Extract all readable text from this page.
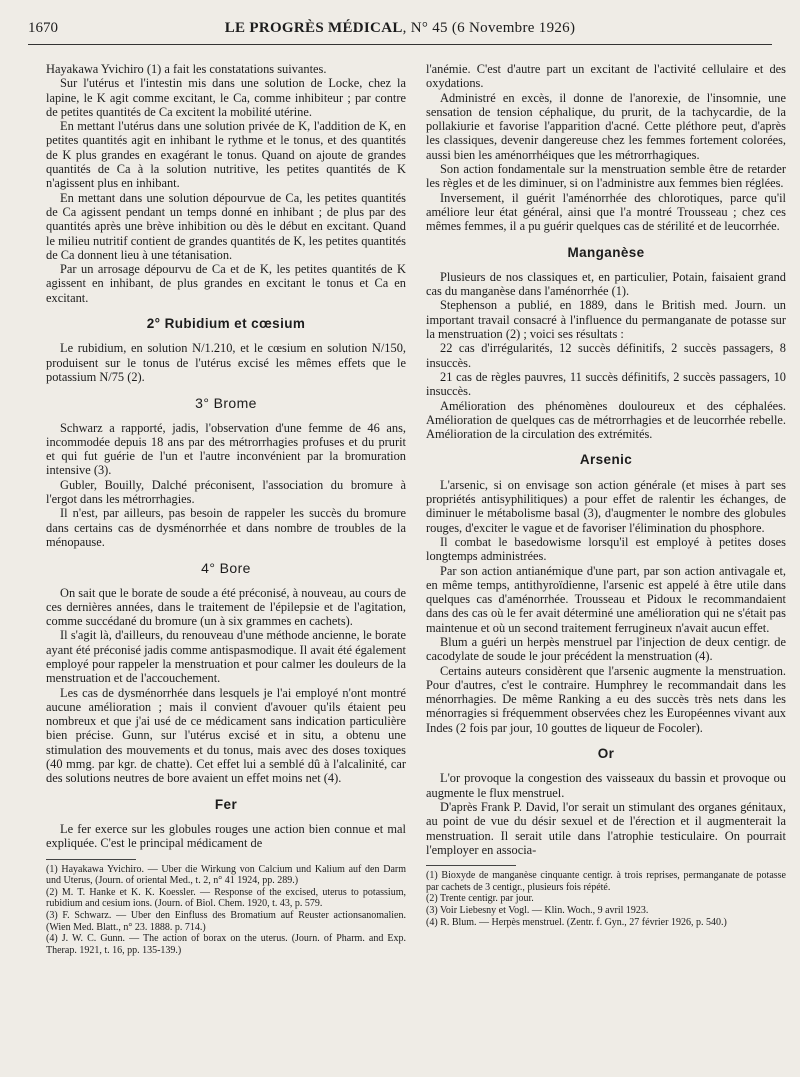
1670	LE PROGRÈS MÉDICAL, N° 45 (6 Novembre 1926)

Hayakawa Yvichiro (1) a fait les constatations suivantes.

Sur l'utérus et l'intestin mis dans une solution de Locke, chez la lapine, le K agit comme excitant, le Ca, comme inhibiteur ; par contre de petites quantités de Ca excitent la mobilité utérine.

En mettant l'utérus dans une solution privée de K, l'addition de K, en petites quantités agit en inhibant le rythme et le tonus, et des quantités de K plus grandes en exagérant le tonus. Quand on ajoute de grandes quantités de Ca à la solution nutritive, les petites quantités de K n'agissent plus en inhibant.

En mettant dans une solution dépourvue de Ca, les petites quantités de Ca agissent pendant un temps donné en inhibant ; de plus par des quantités après une brève inhibition ou dès le début en excitant. Quand le milieu nutritif contient de grandes quantités de K, les petites quantités de Ca donnent lieu à une tétanisation.

Par un arrosage dépourvu de Ca et de K, les petites quantités de K agissent en inhibant, de plus grandes en excitant le tonus et Ca en excitant.

2° Rubidium et cœsium

Le rubidium, en solution N/1.210, et le cœsium en solution N/150, produisent sur le tonus de l'utérus excisé les mêmes effets que le potassium N/75 (2).

3° Brome

Schwarz a rapporté, jadis, l'observation d'une femme de 46 ans, incommodée depuis 18 ans par des métrorrhagies profuses et du prurit et qui fut guérie de l'un et l'autre inconvénient par la bromuration intensive (3).

Gubler, Bouilly, Dalché préconisent, l'association du bromure à l'ergot dans les métrorrhagies.

Il n'est, par ailleurs, pas besoin de rappeler les succès du bromure dans certains cas de dysménorrhée et dans nombre de troubles de la ménopause.

4° Bore

On sait que le borate de soude a été préconisé, à nouveau, au cours de ces dernières années, dans le traitement de l'épilepsie et de l'agitation, comme succédané du bromure (un à six grammes en cachets).

Il s'agit là, d'ailleurs, du renouveau d'une méthode ancienne, le borate ayant été préconisé jadis comme antispasmodique. Il avait été également employé pour rappeler la menstruation et pour calmer les douleurs de la menstruation et de l'accouchement.

Les cas de dysménorrhée dans lesquels je l'ai employé n'ont montré aucune amélioration ; mais il convient d'avouer qu'ils étaient peu nombreux et que j'ai usé de ce médicament sans indication particulière bien précise. Gunn, sur l'utérus excisé et in situ, a obtenu une stimulation des mouvements et du tonus, mais avec des doses toxiques (40 mmg. par kgr. de chatte). Cet effet lui a semblé dû à l'alcalinité, car des solutions neutres de bore avaient un effet moins net (4).

Fer

Le fer exerce sur les globules rouges une action bien connue et mal expliquée. C'est le principal médicament de

(1) Hayakawa Yvichiro. — Uber die Wirkung von Calcium und Kalium auf den Darm und Uterus, (Journ. of oriental Med., t. 2, n° 41 1924, pp. 289.)

(2) M. T. Hanke et K. K. Koessler. — Response of the excised, uterus to potassium, rubidium and cesium ions. (Journ. of Biol. Chem. 1920, t. 43, p. 579.

(3) F. Schwarz. — Uber den Einfluss des Bromatium auf Reuster actionsanomalien. (Wien Med. Blatt., n° 23. 1888. p. 714.)

(4) J. W. C. Gunn. — The action of borax on the uterus. (Journ. of Pharm. and Exp. Therap. 1921, t. 16, pp. 135-139.)

l'anémie. C'est d'autre part un excitant de l'activité cellulaire et des oxydations.

Administré en excès, il donne de l'anorexie, de l'insomnie, une sensation de tension céphalique, du prurit, de la tachycardie, de la pollakiurie et favorise l'apparition d'acné. Cette pléthore peut, d'après les classiques, devenir dangereuse chez les femmes fortement colorées, aussi bien les aménorrhéiques que les métrorrhagiques.

Son action fondamentale sur la menstruation semble être de retarder les règles et de les diminuer, si on l'administre aux femmes bien réglées.

Inversement, il guérit l'aménorrhée des chlorotiques, parce qu'il améliore leur état général, ainsi que l'a montré Trousseau ; chez ces mêmes femmes, il a pu guérir quelques cas de stérilité et de leucorrhée.

Manganèse

Plusieurs de nos classiques et, en particulier, Potain, faisaient grand cas du manganèse dans l'aménorrhée (1).

Stephenson a publié, en 1889, dans le British med. Journ. un important travail consacré à l'influence du permanganate de potasse sur la menstruation (2) ; voici ses résultats :

22 cas d'irrégularités, 12 succès définitifs, 2 succès passagers, 8 insuccès.

21 cas de règles pauvres, 11 succès définitifs, 2 succès passagers, 10 insuccès.

Amélioration des phénomènes douloureux et des céphalées. Amélioration de quelques cas de métrorrhagies et de leucorrhée rebelle. Amélioration de la circulation des extrémités.

Arsenic

L'arsenic, si on envisage son action générale (et mises à part ses propriétés antisyphilitiques) a pour effet de ralentir les échanges, de diminuer le métabolisme basal (3), d'augmenter le nombre des globules rouges, d'exciter le vague et de favoriser l'élimination du phosphore.

Il combat le basedowisme lorsqu'il est employé à petites doses longtemps administrées.

Par son action antianémique d'une part, par son action antivagale et, en même temps, antithyroïdienne, l'arsenic est appelé à être utile dans quelques cas d'aménorrhée. Trousseau et Pidoux le recommandaient dans des cas où le fer avait déterminé une amélioration qui ne s'était pas maintenue et où un second traitement ferrugineux n'avait aucun effet.

Blum a guéri un herpès menstruel par l'injection de deux centigr. de cacodylate de soude le jour précédent la menstruation (4).

Certains auteurs considèrent que l'arsenic augmente la menstruation. Pour d'autres, c'est le contraire. Humphrey le recommandait dans les ménorrhagies. De même Ranking a eu des succès très nets dans les ménorragies si fréquemment observées chez les Européennes vivant aux Indes (2 fois par jour, 10 gouttes de liqueur de Focoler).

Or

L'or provoque la congestion des vaisseaux du bassin et provoque ou augmente le flux menstruel.

D'après Frank P. David, l'or serait un stimulant des organes génitaux, au point de vue du désir sexuel et de l'érection et il augmenterait la menstruation. Il serait utile dans l'atrophie testiculaire. On pourrait l'employer en associa-

(1) Bioxyde de manganèse cinquante centigr. à trois reprises, permanganate de potasse par cachets de 3 centigr., plusieurs fois répété.

(2) Trente centigr. par jour.

(3) Voir Liebesny et Vogl. — Klin. Woch., 9 avril 1923.

(4) R. Blum. — Herpès menstruel. (Zentr. f. Gyn., 27 février 1926, p. 540.)
